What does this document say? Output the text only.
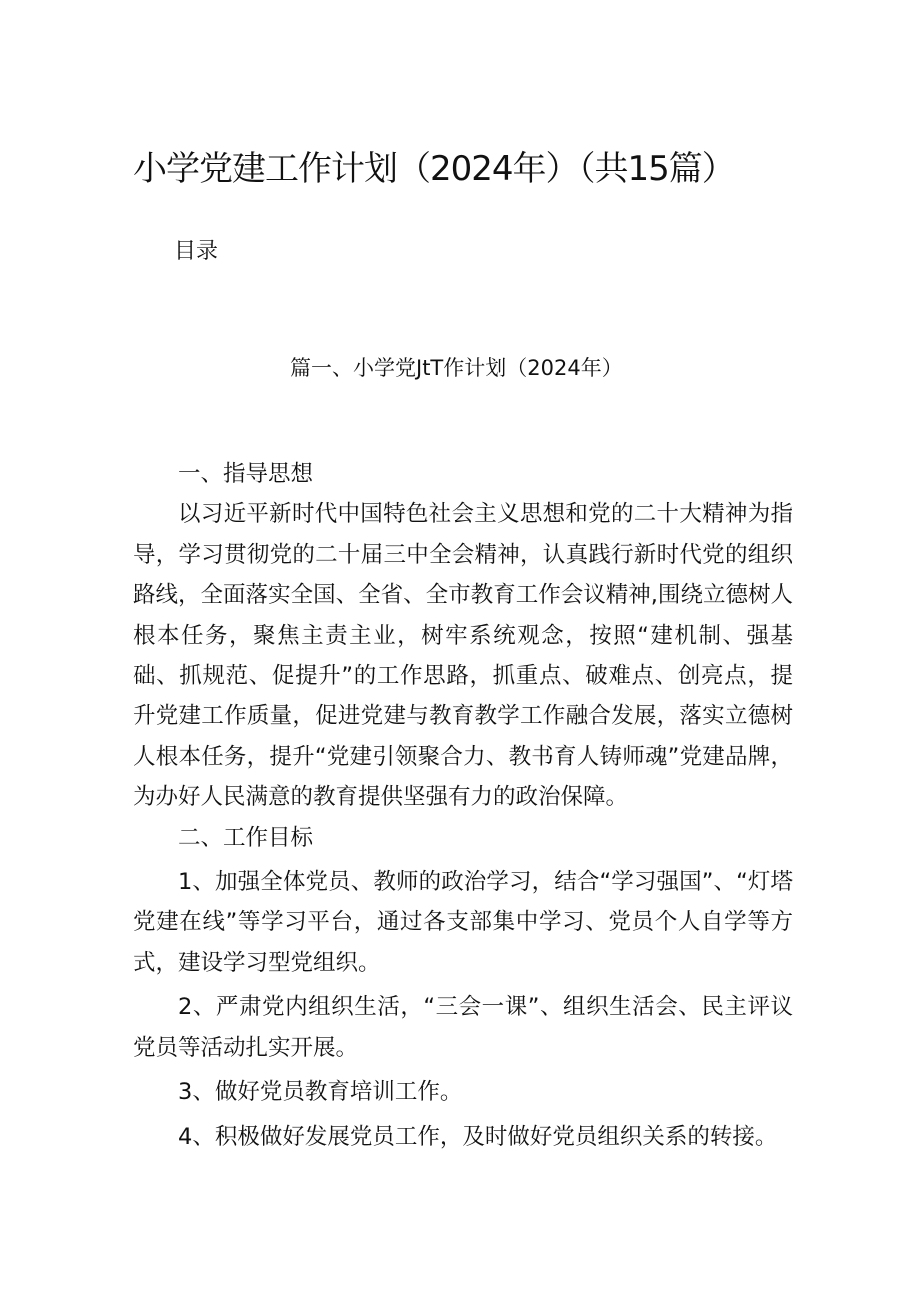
小学党建工作计划（2024年）（共15篇）
目录
篇一、小学党JtT作计划（2024年）
一、指导思想

以习近平新时代中国特色社会主义思想和党的二十大精神为指导，学习贯彻党的二十届三中全会精神，认真践行新时代党的组织路线，全面落实全国、全省、全市教育工作会议精神,围绕立德树人根本任务，聚焦主责主业，树牢系统观念，按照“建机制、强基础、抓规范、促提升”的工作思路，抓重点、破难点、创亮点，提升党建工作质量，促进党建与教育教学工作融合发展，落实立德树人根本任务，提升“党建引领聚合力、教书育人铸师魂”党建品牌，为办好人民满意的教育提供坚强有力的政治保障。

二、工作目标

1、加强全体党员、教师的政治学习，结合“学习强国”、“灯塔党建在线”等学习平台，通过各支部集中学习、党员个人自学等方式，建设学习型党组织。

2、严肃党内组织生活，“三会一课”、组织生活会、民主评议党员等活动扎实开展。

3、做好党员教育培训工作。

4、积极做好发展党员工作，及时做好党员组织关系的转接。
